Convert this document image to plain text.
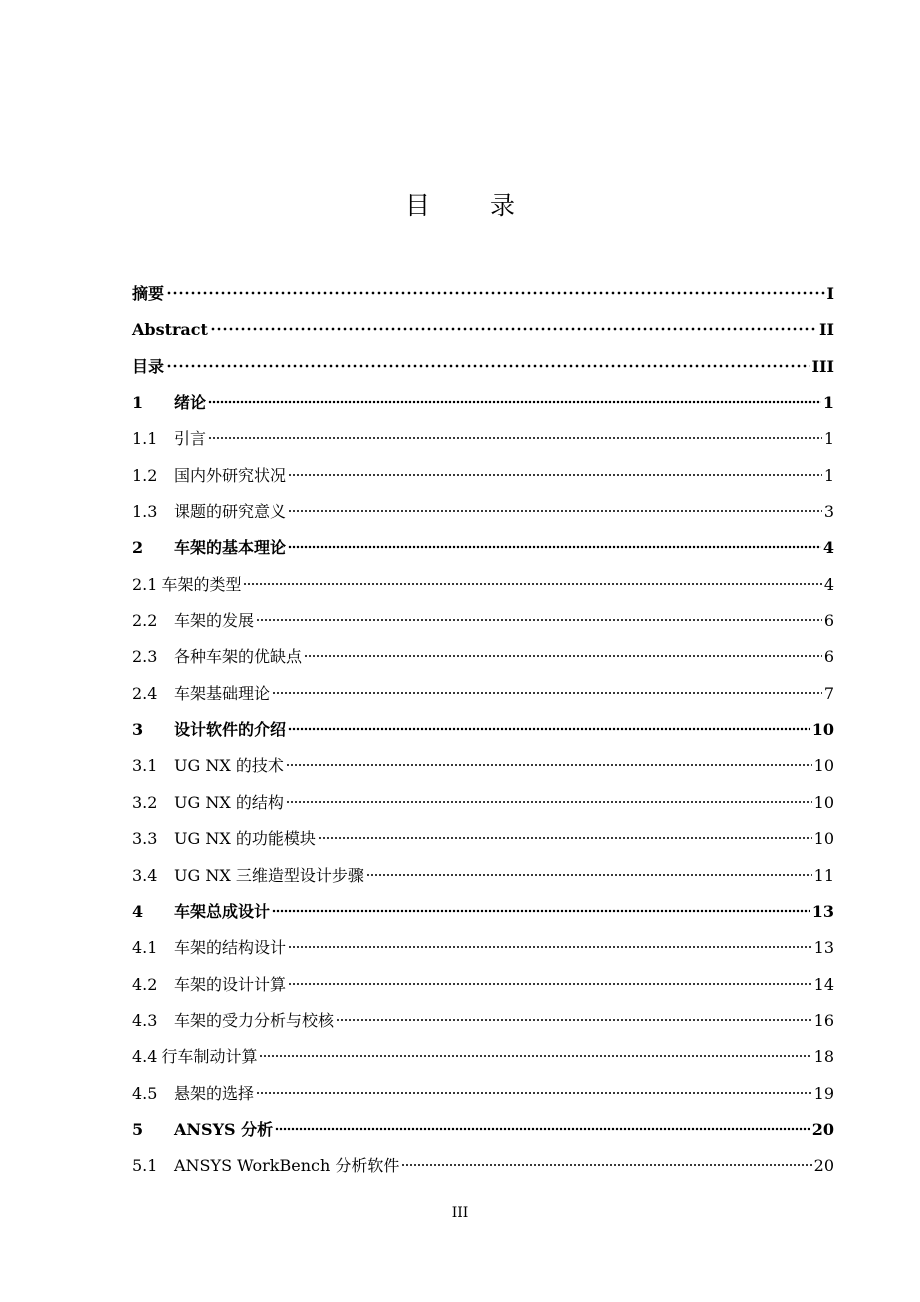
目 录
摘要	I
Abstract	II
目录	III
1	绪论	1
1.1	引言	1
1.2	国内外研究状况	1
1.3	课题的研究意义	3
2	车架的基本理论	4
2.1 车架的类型	4
2.2	车架的发展	6
2.3	各种车架的优缺点	6
2.4	车架基础理论	7
3	设计软件的介绍	10
3.1	UG NX 的技术	10
3.2	UG NX 的结构	10
3.3	UG NX 的功能模块	10
3.4	UG NX 三维造型设计步骤	11
4	车架总成设计	13
4.1	车架的结构设计	13
4.2	车架的设计计算	14
4.3	车架的受力分析与校核	16
4.4 行车制动计算	18
4.5	悬架的选择	19
5	ANSYS 分析	20
5.1	ANSYS WorkBench 分析软件	20
III
